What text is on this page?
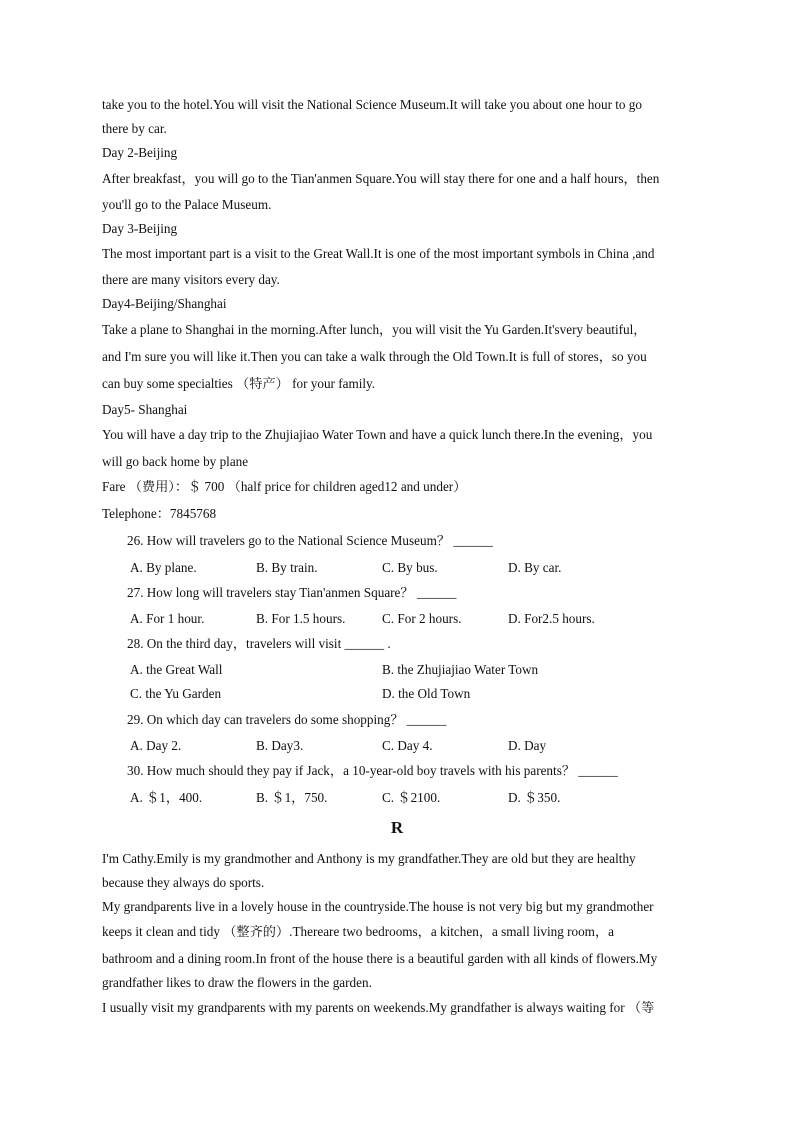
take you to the hotel.You will visit the National Science Museum.It will take you about one hour to go
there by car.
Day 2-Beijing
After breakfast，you will go to the Tian'anmen Square.You will stay there for one and a half hours，then
you'll go to the Palace Museum.
Day 3-Beijing
The most important part is a visit to the Great Wall.It is one of the most important symbols in China ,and
there are many visitors every day.
Day4-Beijing/Shanghai
Take a plane to Shanghai in the morning.After lunch，you will visit the Yu Garden.It'svery beautiful，
and I'm sure you will like it.Then you can take a walk through the Old Town.It is full of stores，so you
can buy some specialties （特产） for your family.
Day5- Shanghai
You will have a day trip to the Zhujiajiao Water Town and have a quick lunch there.In the evening，you
will go back home by plane
Fare （费用）：＄ 700 （half price for children aged12 and under）
Telephone：7845768
26. How will travelers go to the National Science Museum？ ______
A. By plane.	B. By train.	C. By bus.	D. By car.
27. How long will travelers stay Tian'anmen Square？ ______
A. For 1 hour.	B. For 1.5 hours.	C. For 2 hours.	D. For2.5 hours.
28. On the third day，travelers will visit ______ .
A. the Great Wall	B. the Zhujiajiao Water Town
C. the Yu Garden	D. the Old Town
29. On which day can travelers do some shopping？ ______
A. Day 2.	B. Day3.	C. Day 4.	D. Day
30. How much should they pay if Jack，a 10-year-old boy travels with his parents？ ______
A. ＄1，400.	B. ＄1，750.	C. ＄2100.	D. ＄350.
R
I'm Cathy.Emily is my grandmother and Anthony is my grandfather.They are old but they are healthy
because they always do sports.
My grandparents live in a lovely house in the countryside.The house is not very big but my grandmother
keeps it clean and tidy （整齐的）.Thereare two bedrooms，a kitchen，a small living room，a
bathroom and a dining room.In front of the house there is a beautiful garden with all kinds of flowers.My
grandfather likes to draw the flowers in the garden.
I usually visit my grandparents with my parents on weekends.My grandfather is always waiting for （等
